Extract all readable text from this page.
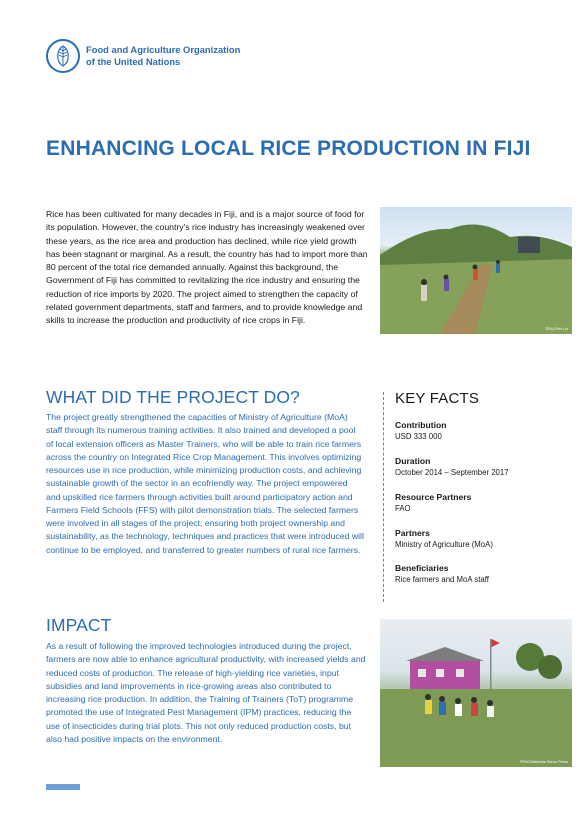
Food and Agriculture Organization
of the United Nations
ENHANCING LOCAL RICE PRODUCTION IN FIJI
Rice has been cultivated for many decades in Fiji, and is a major source of food for its population. However, the country's rice industry has increasingly weakened over these years, as the rice area and production has declined, while rice yield growth has been stagnant or marginal. As a result, the country has had to import more than 80 percent of the total rice demanded annually. Against this background, the Government of Fiji has committed to revitalizing the rice industry and ensuring the reduction of rice imports by 2020. The project aimed to strengthen the capacity of related government departments, staff and farmers, and to provide knowledge and skills to increase the production and productivity of rice crops in Fiji.
©FAO/Ilm Liu
WHAT DID THE PROJECT DO?
The project greatly strengthened the capacities of Ministry of Agriculture (MoA) staff through its numerous training activities. It also trained and developed a pool of local extension officers as Master Trainers, who will be able to train rice farmers across the country on Integrated Rice Crop Management. This involves optimizing resources use in rice production, while minimizing production costs, and achieving sustainable growth of the sector in an ecofriendly way. The project empowered and upskilled rice farmers through activities built around participatory action and Farmers Field Schools (FFS) with pilot demonstration trials. The selected farmers were involved in all stages of the project, ensuring both project ownership and sustainability, as the technology, techniques and practices that were introduced will continue to be employed, and transferred to greater numbers of rural rice farmers.
KEY FACTS
Contribution
USD 333 000
Duration
October 2014 – September 2017
Resource Partners
FAO
Partners
Ministry of Agriculture (MoA)
Beneficiaries
Rice farmers and MoA staff
IMPACT
As a result of following the improved technologies introduced during the project, farmers are now able to enhance agricultural productivity, with increased yields and reduced costs of production. The release of high-yielding rice varieties, input subsidies and land improvements in rice-growing areas also contributed to increasing rice production. In addition, the Training of Trainers (ToT) programme promoted the use of Integrated Pest Management (IPM) practices, reducing the use of insecticides during trial plots. This not only reduced production costs, but also had positive impacts on the environment.
©FAO/Mahinde Senar Perez
